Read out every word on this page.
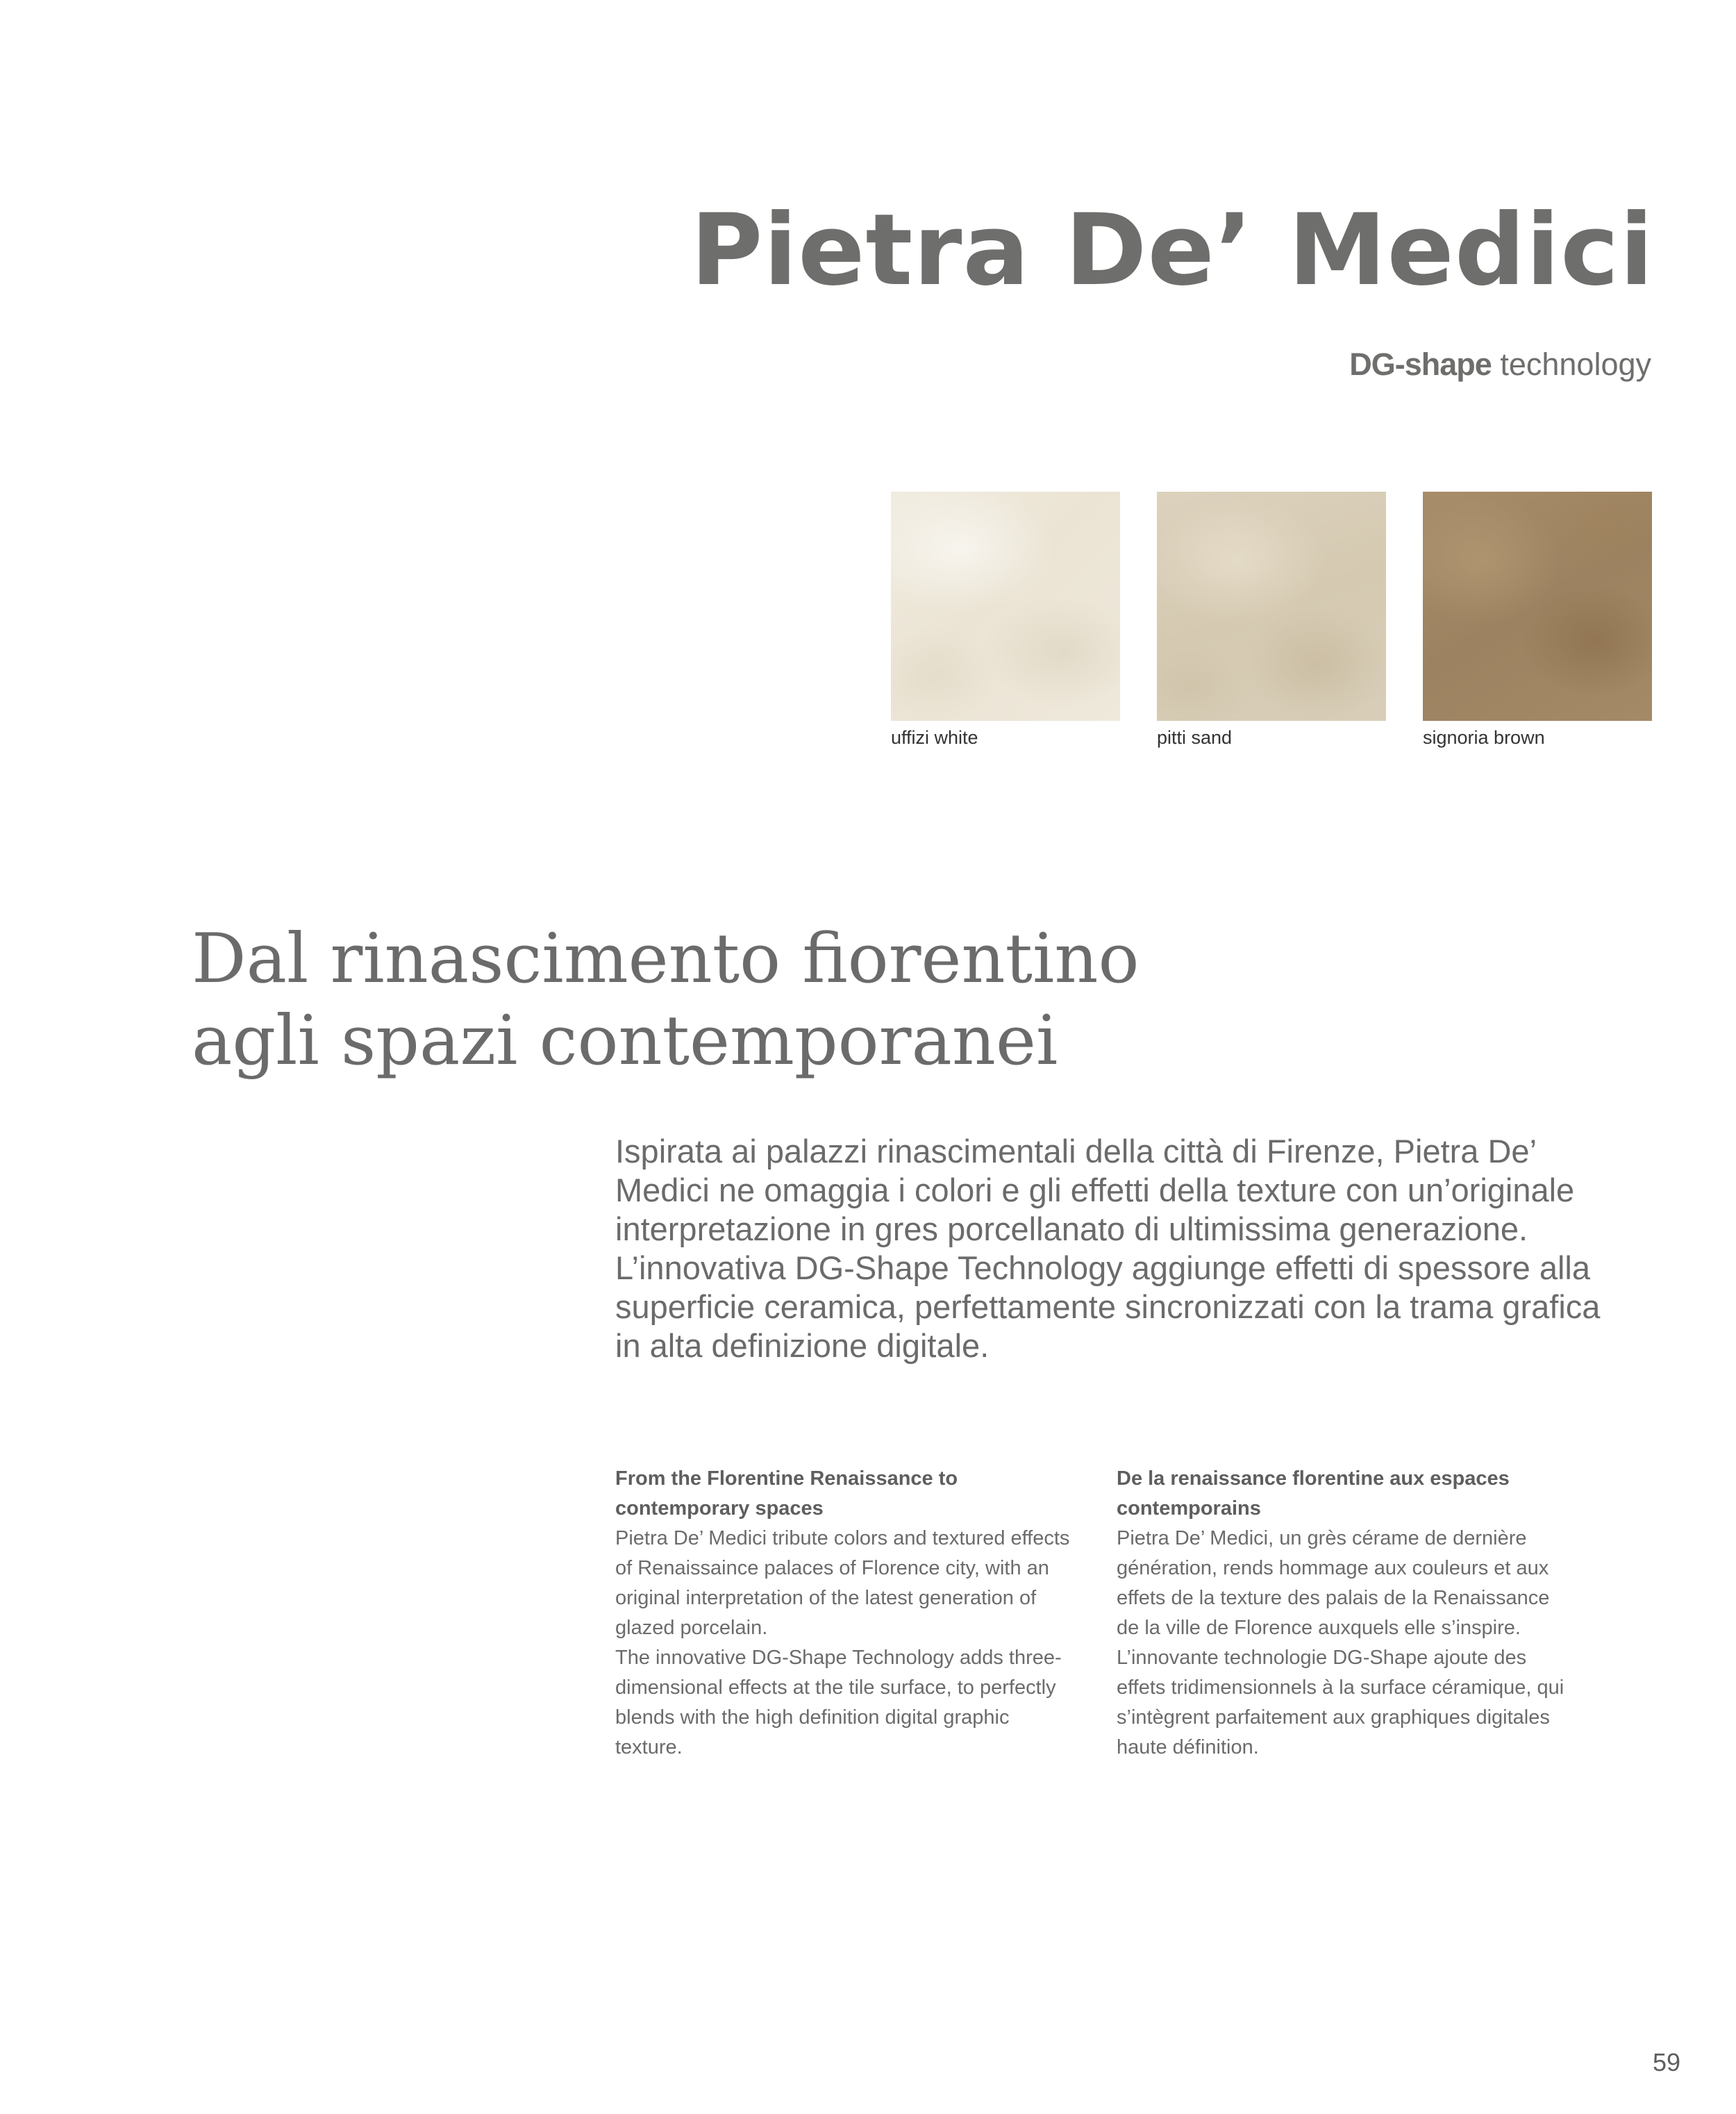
Pietra De’ Medici
DG-shape technology
uffizi white	pitti sand	signoria brown
Dal rinascimento fiorentino
agli spazi contemporanei

Ispirata ai palazzi rinascimentali della città di Firenze, Pietra De’ Medici ne omaggia i colori e gli effetti della texture con un’originale interpretazione in gres porcellanato di ultimissima generazione.

L’innovativa DG-Shape Technology aggiunge effetti di spessore alla superficie ceramica, perfettamente sincronizzati con la trama grafica in alta definizione digitale.

From the Florentine Renaissance to contemporary spaces

Pietra De’ Medici tribute colors and textured effects of Renaissaince palaces of Florence city, with an original interpretation of the latest generation of glazed porcelain.

The innovative DG-Shape Technology adds three-dimensional effects at the tile surface, to perfectly blends with the high definition digital graphic texture.

De la renaissance florentine aux espaces contemporains

Pietra De’ Medici, un grès cérame de dernière génération, rends hommage aux couleurs et aux effets de la texture des palais de la Renaissance de la ville de Florence auxquels elle s’inspire.

L’innovante technologie DG-Shape ajoute des effets tridimensionnels à la surface céramique, qui s’intègrent parfaitement aux graphiques digitales haute définition.

59
